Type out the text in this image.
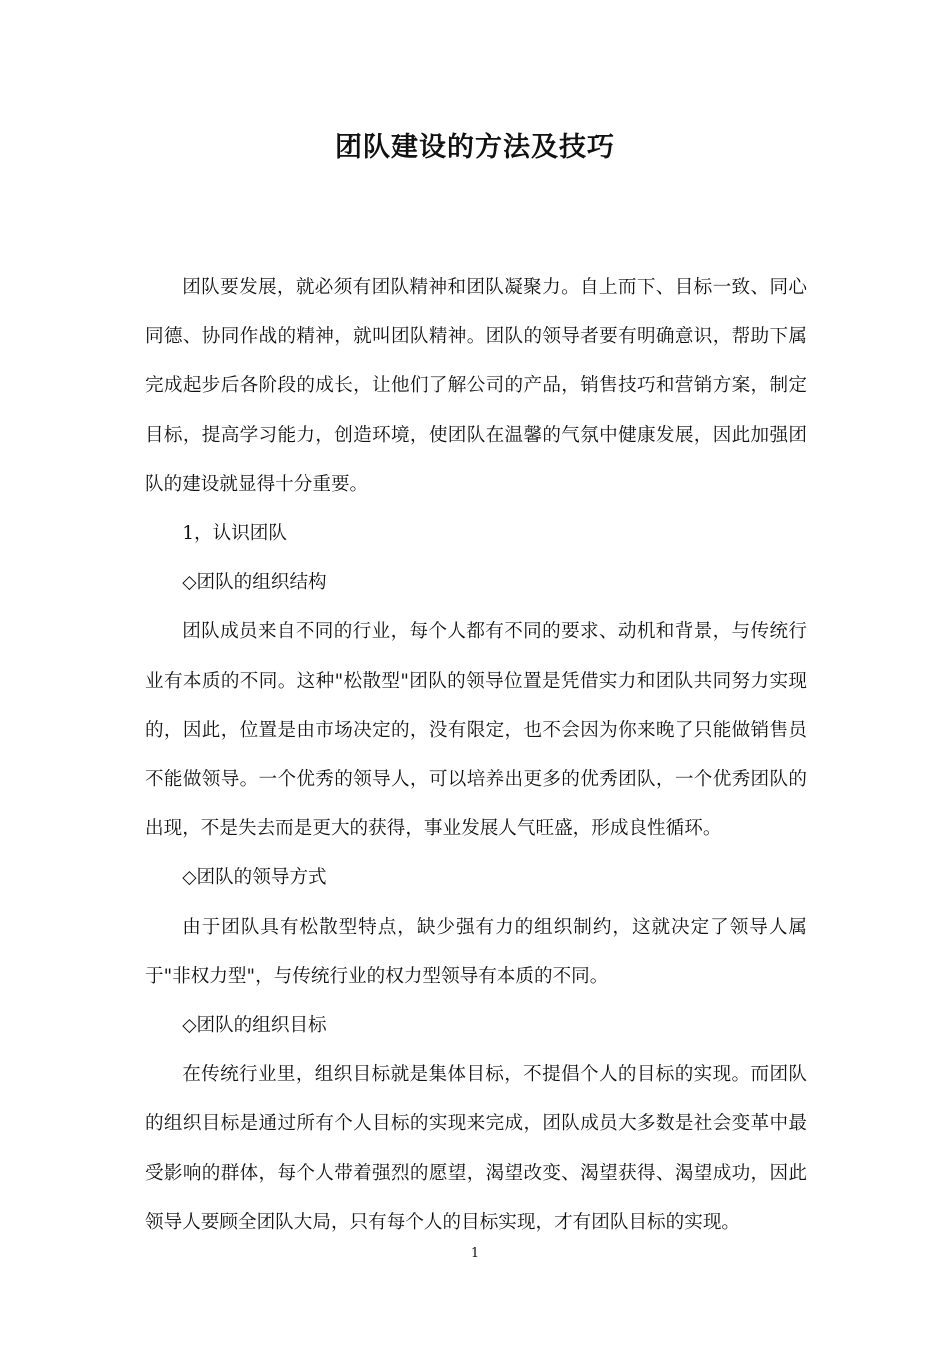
团队建设的方法及技巧

团队要发展，就必须有团队精神和团队凝聚力。自上而下、目标一致、同心同德、协同作战的精神，就叫团队精神。团队的领导者要有明确意识，帮助下属完成起步后各阶段的成长，让他们了解公司的产品，销售技巧和营销方案，制定目标，提高学习能力，创造环境，使团队在温馨的气氛中健康发展，因此加强团队的建设就显得十分重要。

1，认识团队

◇团队的组织结构

团队成员来自不同的行业，每个人都有不同的要求、动机和背景，与传统行业有本质的不同。这种"松散型"团队的领导位置是凭借实力和团队共同努力实现的，因此，位置是由市场决定的，没有限定，也不会因为你来晚了只能做销售员不能做领导。一个优秀的领导人，可以培养出更多的优秀团队，一个优秀团队的出现，不是失去而是更大的获得，事业发展人气旺盛，形成良性循环。

◇团队的领导方式

由于团队具有松散型特点，缺少强有力的组织制约，这就决定了领导人属于"非权力型"，与传统行业的权力型领导有本质的不同。

◇团队的组织目标

在传统行业里，组织目标就是集体目标，不提倡个人的目标的实现。而团队的组织目标是通过所有个人目标的实现来完成，团队成员大多数是社会变革中最受影响的群体，每个人带着强烈的愿望，渴望改变、渴望获得、渴望成功，因此领导人要顾全团队大局，只有每个人的目标实现，才有团队目标的实现。

1
